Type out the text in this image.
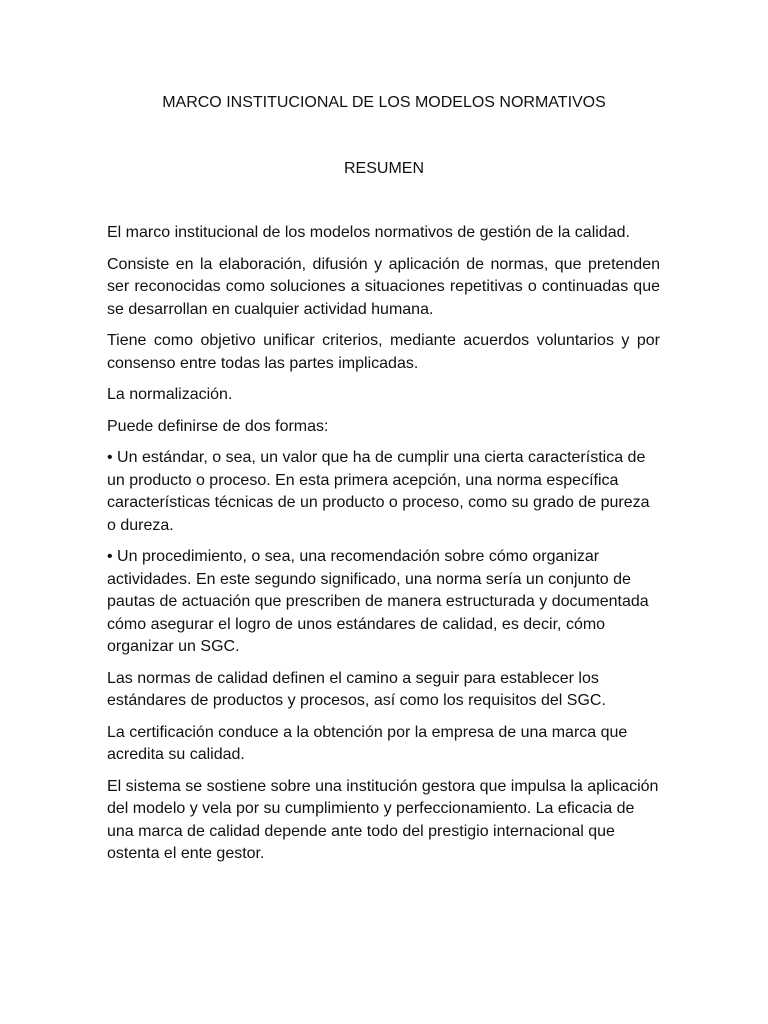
MARCO INSTITUCIONAL DE LOS MODELOS NORMATIVOS
RESUMEN

El marco institucional de los modelos normativos de gestión de la calidad.

Consiste en la elaboración, difusión y aplicación de normas, que pretenden ser reconocidas como soluciones a situaciones repetitivas o continuadas que se desarrollan en cualquier actividad humana.

Tiene como objetivo unificar criterios, mediante acuerdos voluntarios y por consenso entre todas las partes implicadas.

La normalización.

Puede definirse de dos formas:

• Un estándar, o sea, un valor que ha de cumplir una cierta característica de un producto o proceso. En esta primera acepción, una norma específica características técnicas de un producto o proceso, como su grado de pureza o dureza.

• Un procedimiento, o sea, una recomendación sobre cómo organizar actividades. En este segundo significado, una norma sería un conjunto de pautas de actuación que prescriben de manera estructurada y documentada cómo asegurar el logro de unos estándares de calidad, es decir, cómo organizar un SGC.

Las normas de calidad definen el camino a seguir para establecer los estándares de productos y procesos, así como los requisitos del SGC.

La certificación conduce a la obtención por la empresa de una marca que acredita su calidad.

El sistema se sostiene sobre una institución gestora que impulsa la aplicación del modelo y vela por su cumplimiento y perfeccionamiento. La eficacia de una marca de calidad depende ante todo del prestigio internacional que ostenta el ente gestor.
